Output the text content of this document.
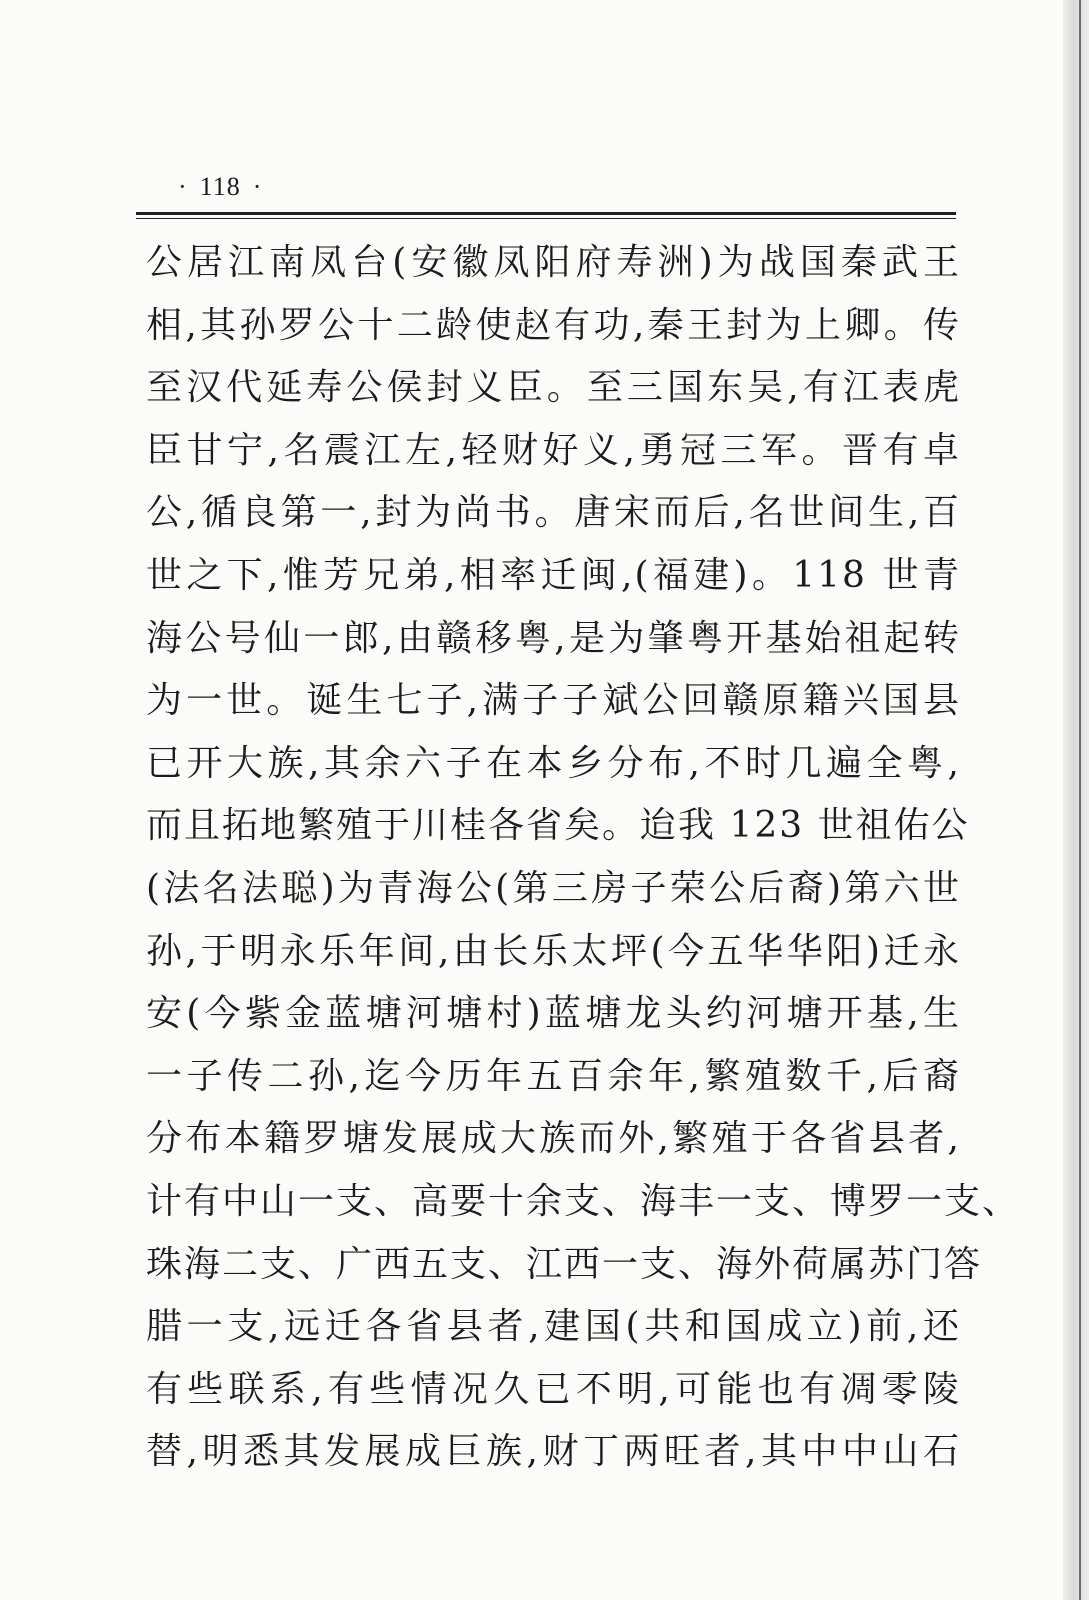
· 118 ·
公居江南凤台(安徽凤阳府寿洲)为战国秦武王
相,其孙罗公十二龄使赵有功,秦王封为上卿。传
至汉代延寿公侯封义臣。至三国东吴,有江表虎
臣甘宁,名震江左,轻财好义,勇冠三军。晋有卓
公,循良第一,封为尚书。唐宋而后,名世间生,百
世之下,惟芳兄弟,相率迁闽,(福建)。118 世青
海公号仙一郎,由赣移粤,是为肇粤开基始祖起转
为一世。诞生七子,满子子斌公回赣原籍兴国县
已开大族,其余六子在本乡分布,不时几遍全粤,
而且拓地繁殖于川桂各省矣。迨我 123 世祖佑公
(法名法聪)为青海公(第三房子荣公后裔)第六世
孙,于明永乐年间,由长乐太坪(今五华华阳)迁永
安(今紫金蓝塘河塘村)蓝塘龙头约河塘开基,生
一子传二孙,迄今历年五百余年,繁殖数千,后裔
分布本籍罗塘发展成大族而外,繁殖于各省县者,
计有中山一支、高要十余支、海丰一支、博罗一支、
珠海二支、广西五支、江西一支、海外荷属苏门答
腊一支,远迁各省县者,建国(共和国成立)前,还
有些联系,有些情况久已不明,可能也有凋零陵
替,明悉其发展成巨族,财丁两旺者,其中中山石
